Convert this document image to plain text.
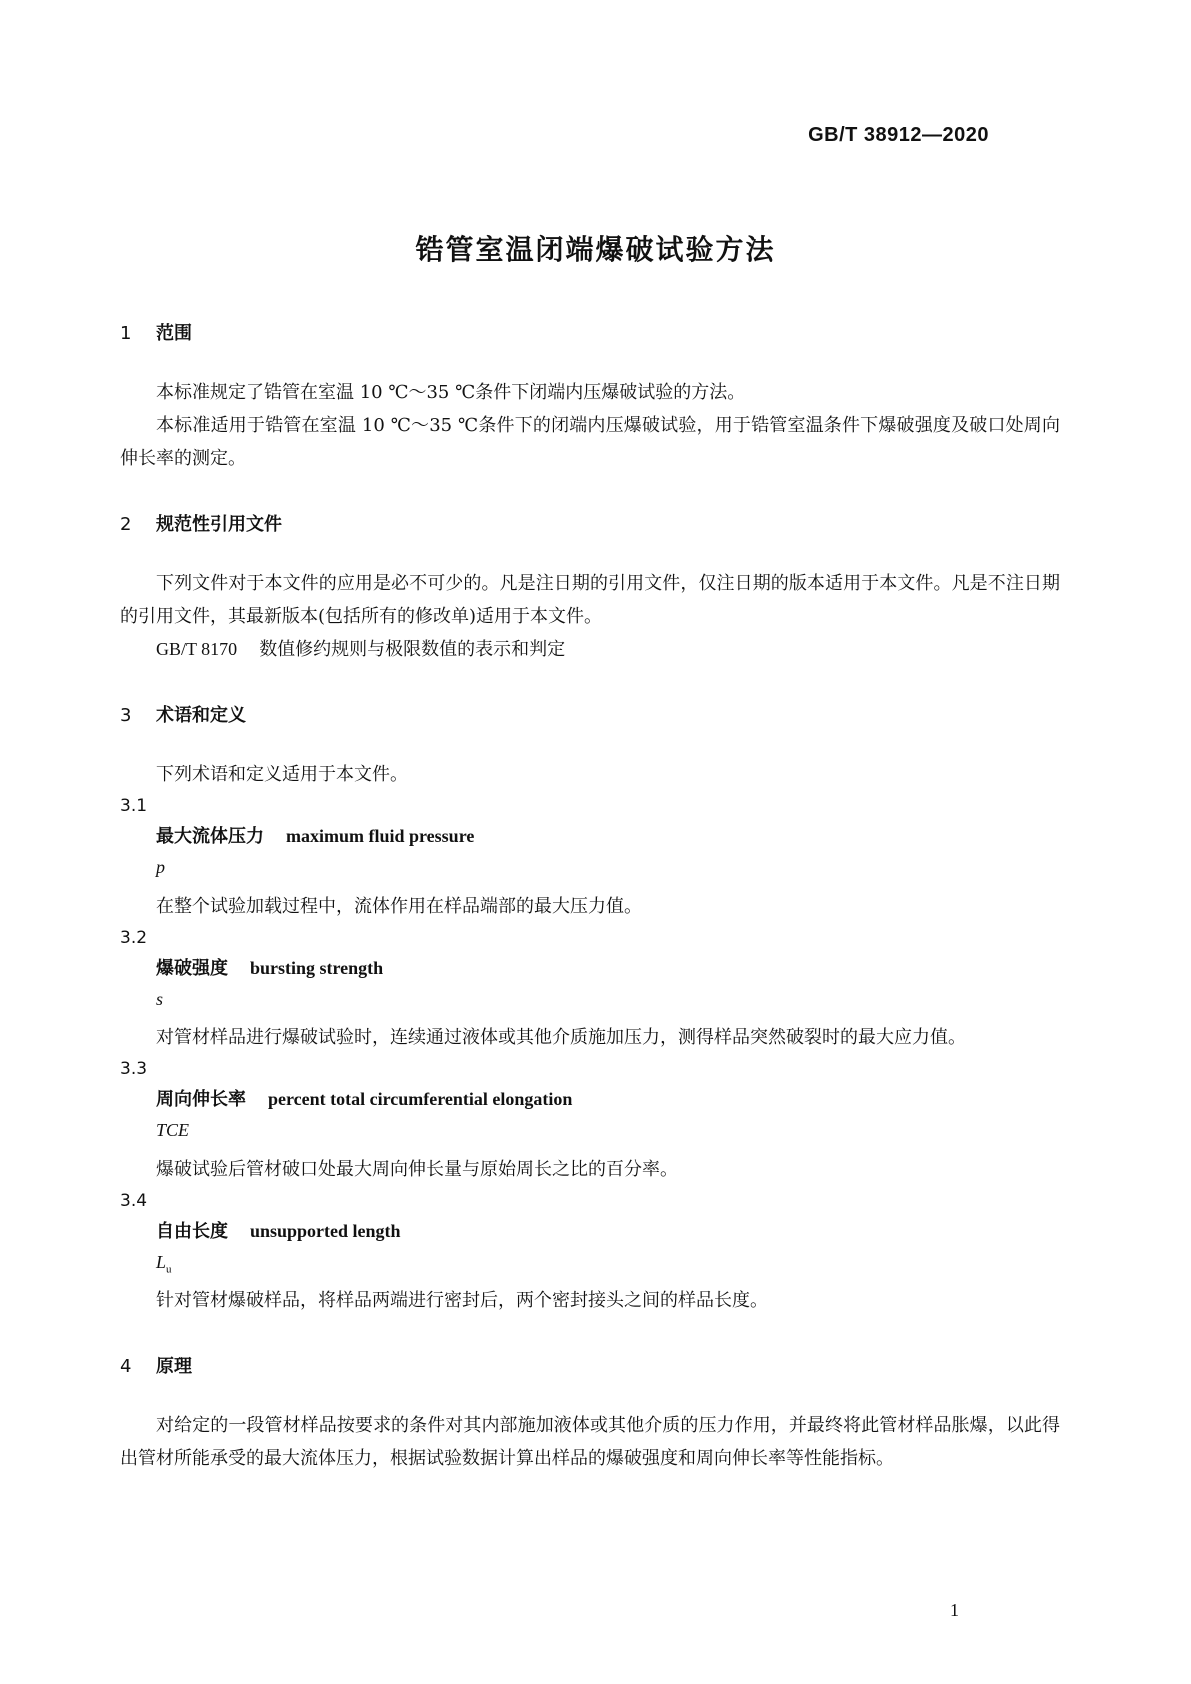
GB/T 38912—2020
锆管室温闭端爆破试验方法
1 范围

本标准规定了锆管在室温 10 ℃～35 ℃条件下闭端内压爆破试验的方法。

本标准适用于锆管在室温 10 ℃～35 ℃条件下的闭端内压爆破试验，用于锆管室温条件下爆破强度及破口处周向伸长率的测定。

2 规范性引用文件

下列文件对于本文件的应用是必不可少的。凡是注日期的引用文件，仅注日期的版本适用于本文件。凡是不注日期的引用文件，其最新版本(包括所有的修改单)适用于本文件。

GB/T 8170 数值修约规则与极限数值的表示和判定

3 术语和定义

下列术语和定义适用于本文件。

3.1

最大流体压力 maximum fluid pressure

p

在整个试验加载过程中，流体作用在样品端部的最大压力值。

3.2

爆破强度 bursting strength

s

对管材样品进行爆破试验时，连续通过液体或其他介质施加压力，测得样品突然破裂时的最大应力值。

3.3

周向伸长率 percent total circumferential elongation

TCE

爆破试验后管材破口处最大周向伸长量与原始周长之比的百分率。

3.4

自由长度 unsupported length

$L_u$

针对管材爆破样品，将样品两端进行密封后，两个密封接头之间的样品长度。

4 原理

对给定的一段管材样品按要求的条件对其内部施加液体或其他介质的压力作用，并最终将此管材样品胀爆，以此得出管材所能承受的最大流体压力，根据试验数据计算出样品的爆破强度和周向伸长率等性能指标。

1
